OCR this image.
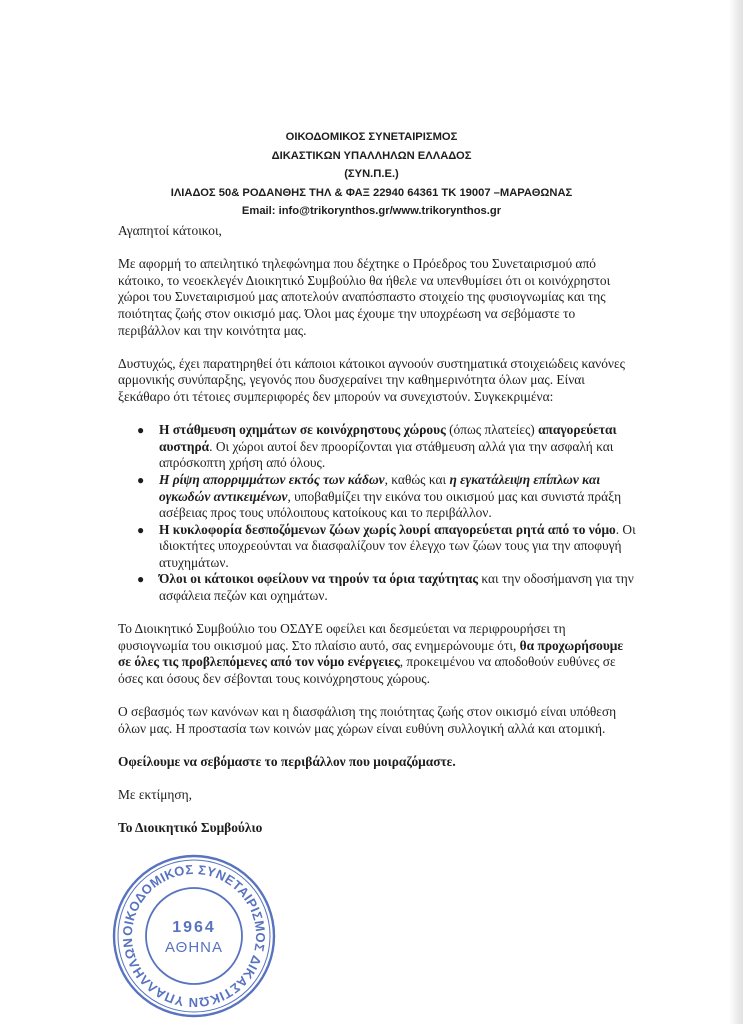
ΟΙΚΟΔΟΜΙΚΟΣ ΣΥΝΕΤΑΙΡΙΣΜΟΣ
ΔΙΚΑΣΤΙΚΩΝ ΥΠΑΛΛΗΛΩΝ ΕΛΛΑΔΟΣ
(ΣΥΝ.Π.Ε.)
ΙΛΙΑΔΟΣ 50& ΡΟΔΑΝΘΗΣ ΤΗΛ & ΦΑΞ 22940 64361 ΤΚ 19007 –ΜΑΡΑΘΩΝΑΣ
Email: info@trikorynthos.gr/www.trikorynthos.gr

Αγαπητοί κάτοικοι,

Με αφορμή το απειλητικό τηλεφώνημα που δέχτηκε ο Πρόεδρος του Συνεταιρισμού από κάτοικο, το νεοεκλεγέν Διοικητικό Συμβούλιο θα ήθελε να υπενθυμίσει ότι οι κοινόχρηστοι χώροι του Συνεταιρισμού μας αποτελούν αναπόσπαστο στοιχείο της φυσιογνωμίας και της ποιότητας ζωής στον οικισμό μας. Όλοι μας έχουμε την υποχρέωση να σεβόμαστε το περιβάλλον και την κοινότητα μας.

Δυστυχώς, έχει παρατηρηθεί ότι κάποιοι κάτοικοι αγνοούν συστηματικά στοιχειώδεις κανόνες αρμονικής συνύπαρξης, γεγονός που δυσχεραίνει την καθημερινότητα όλων μας. Είναι ξεκάθαρο ότι τέτοιες συμπεριφορές δεν μπορούν να συνεχιστούν. Συγκεκριμένα:

● Η στάθμευση οχημάτων σε κοινόχρηστους χώρους (όπως πλατείες) απαγορεύεται αυστηρά. Οι χώροι αυτοί δεν προορίζονται για στάθμευση αλλά για την ασφαλή και απρόσκοπτη χρήση από όλους.
● Η ρίψη απορριμμάτων εκτός των κάδων, καθώς και η εγκατάλειψη επίπλων και ογκωδών αντικειμένων, υποβαθμίζει την εικόνα του οικισμού μας και συνιστά πράξη ασέβειας προς τους υπόλοιπους κατοίκους και το περιβάλλον.
● Η κυκλοφορία δεσποζόμενων ζώων χωρίς λουρί απαγορεύεται ρητά από το νόμο. Οι ιδιοκτήτες υποχρεούνται να διασφαλίζουν τον έλεγχο των ζώων τους για την αποφυγή ατυχημάτων.
● Όλοι οι κάτοικοι οφείλουν να τηρούν τα όρια ταχύτητας και την οδοσήμανση για την ασφάλεια πεζών και οχημάτων.

Το Διοικητικό Συμβούλιο του ΟΣΔΥΕ οφείλει και δεσμεύεται να περιφρουρήσει τη φυσιογνωμία του οικισμού μας. Στο πλαίσιο αυτό, σας ενημερώνουμε ότι, θα προχωρήσουμε σε όλες τις προβλεπόμενες από τον νόμο ενέργειες, προκειμένου να αποδοθούν ευθύνες σε όσες και όσους δεν σέβονται τους κοινόχρηστους χώρους.

Ο σεβασμός των κανόνων και η διασφάλιση της ποιότητας ζωής στον οικισμό είναι υπόθεση όλων μας. Η προστασία των κοινών μας χώρων είναι ευθύνη συλλογική αλλά και ατομική.

Οφείλουμε να σεβόμαστε το περιβάλλον που μοιραζόμαστε.

Με εκτίμηση,

Το Διοικητικό Συμβούλιο

ΟΙΚΟΔΟΜΙΚΟΣ ΣΥΝΕΤΑΙΡΙΣΜΟΣ ΔΙΚΑΣΤΙΚΩΝ ΥΠΑΛΛΗΛΩΝ
1964
ΑΘΗΝΑ
